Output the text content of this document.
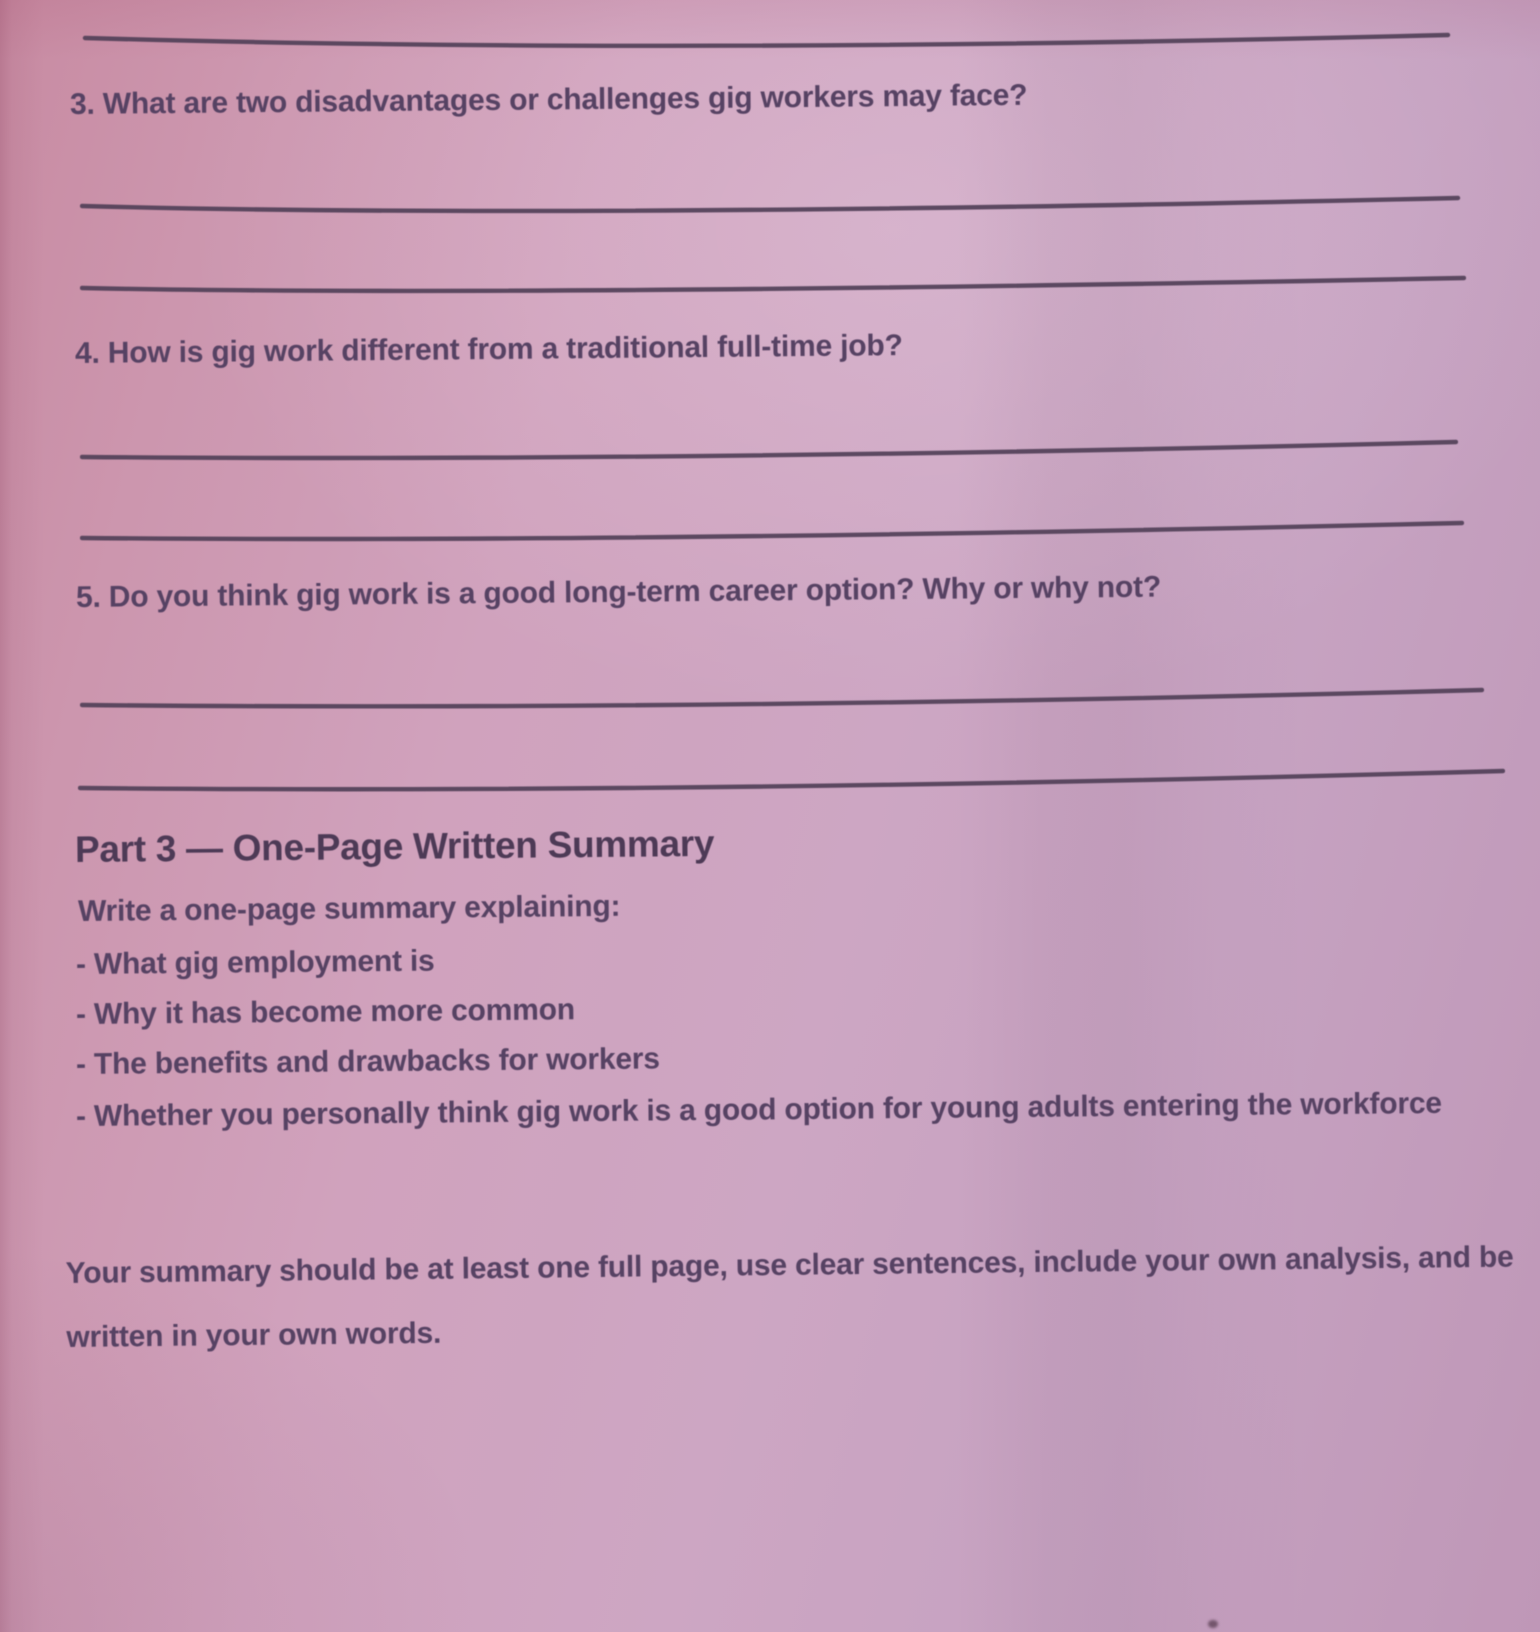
3. What are two disadvantages or challenges gig workers may face?
4. How is gig work different from a traditional full-time job?
5. Do you think gig work is a good long-term career option? Why or why not?
Part 3 — One-Page Written Summary
Write a one-page summary explaining:
- What gig employment is
- Why it has become more common
- The benefits and drawbacks for workers
- Whether you personally think gig work is a good option for young adults entering the workforce
Your summary should be at least one full page, use clear sentences, include your own analysis, and be written in your own words.
